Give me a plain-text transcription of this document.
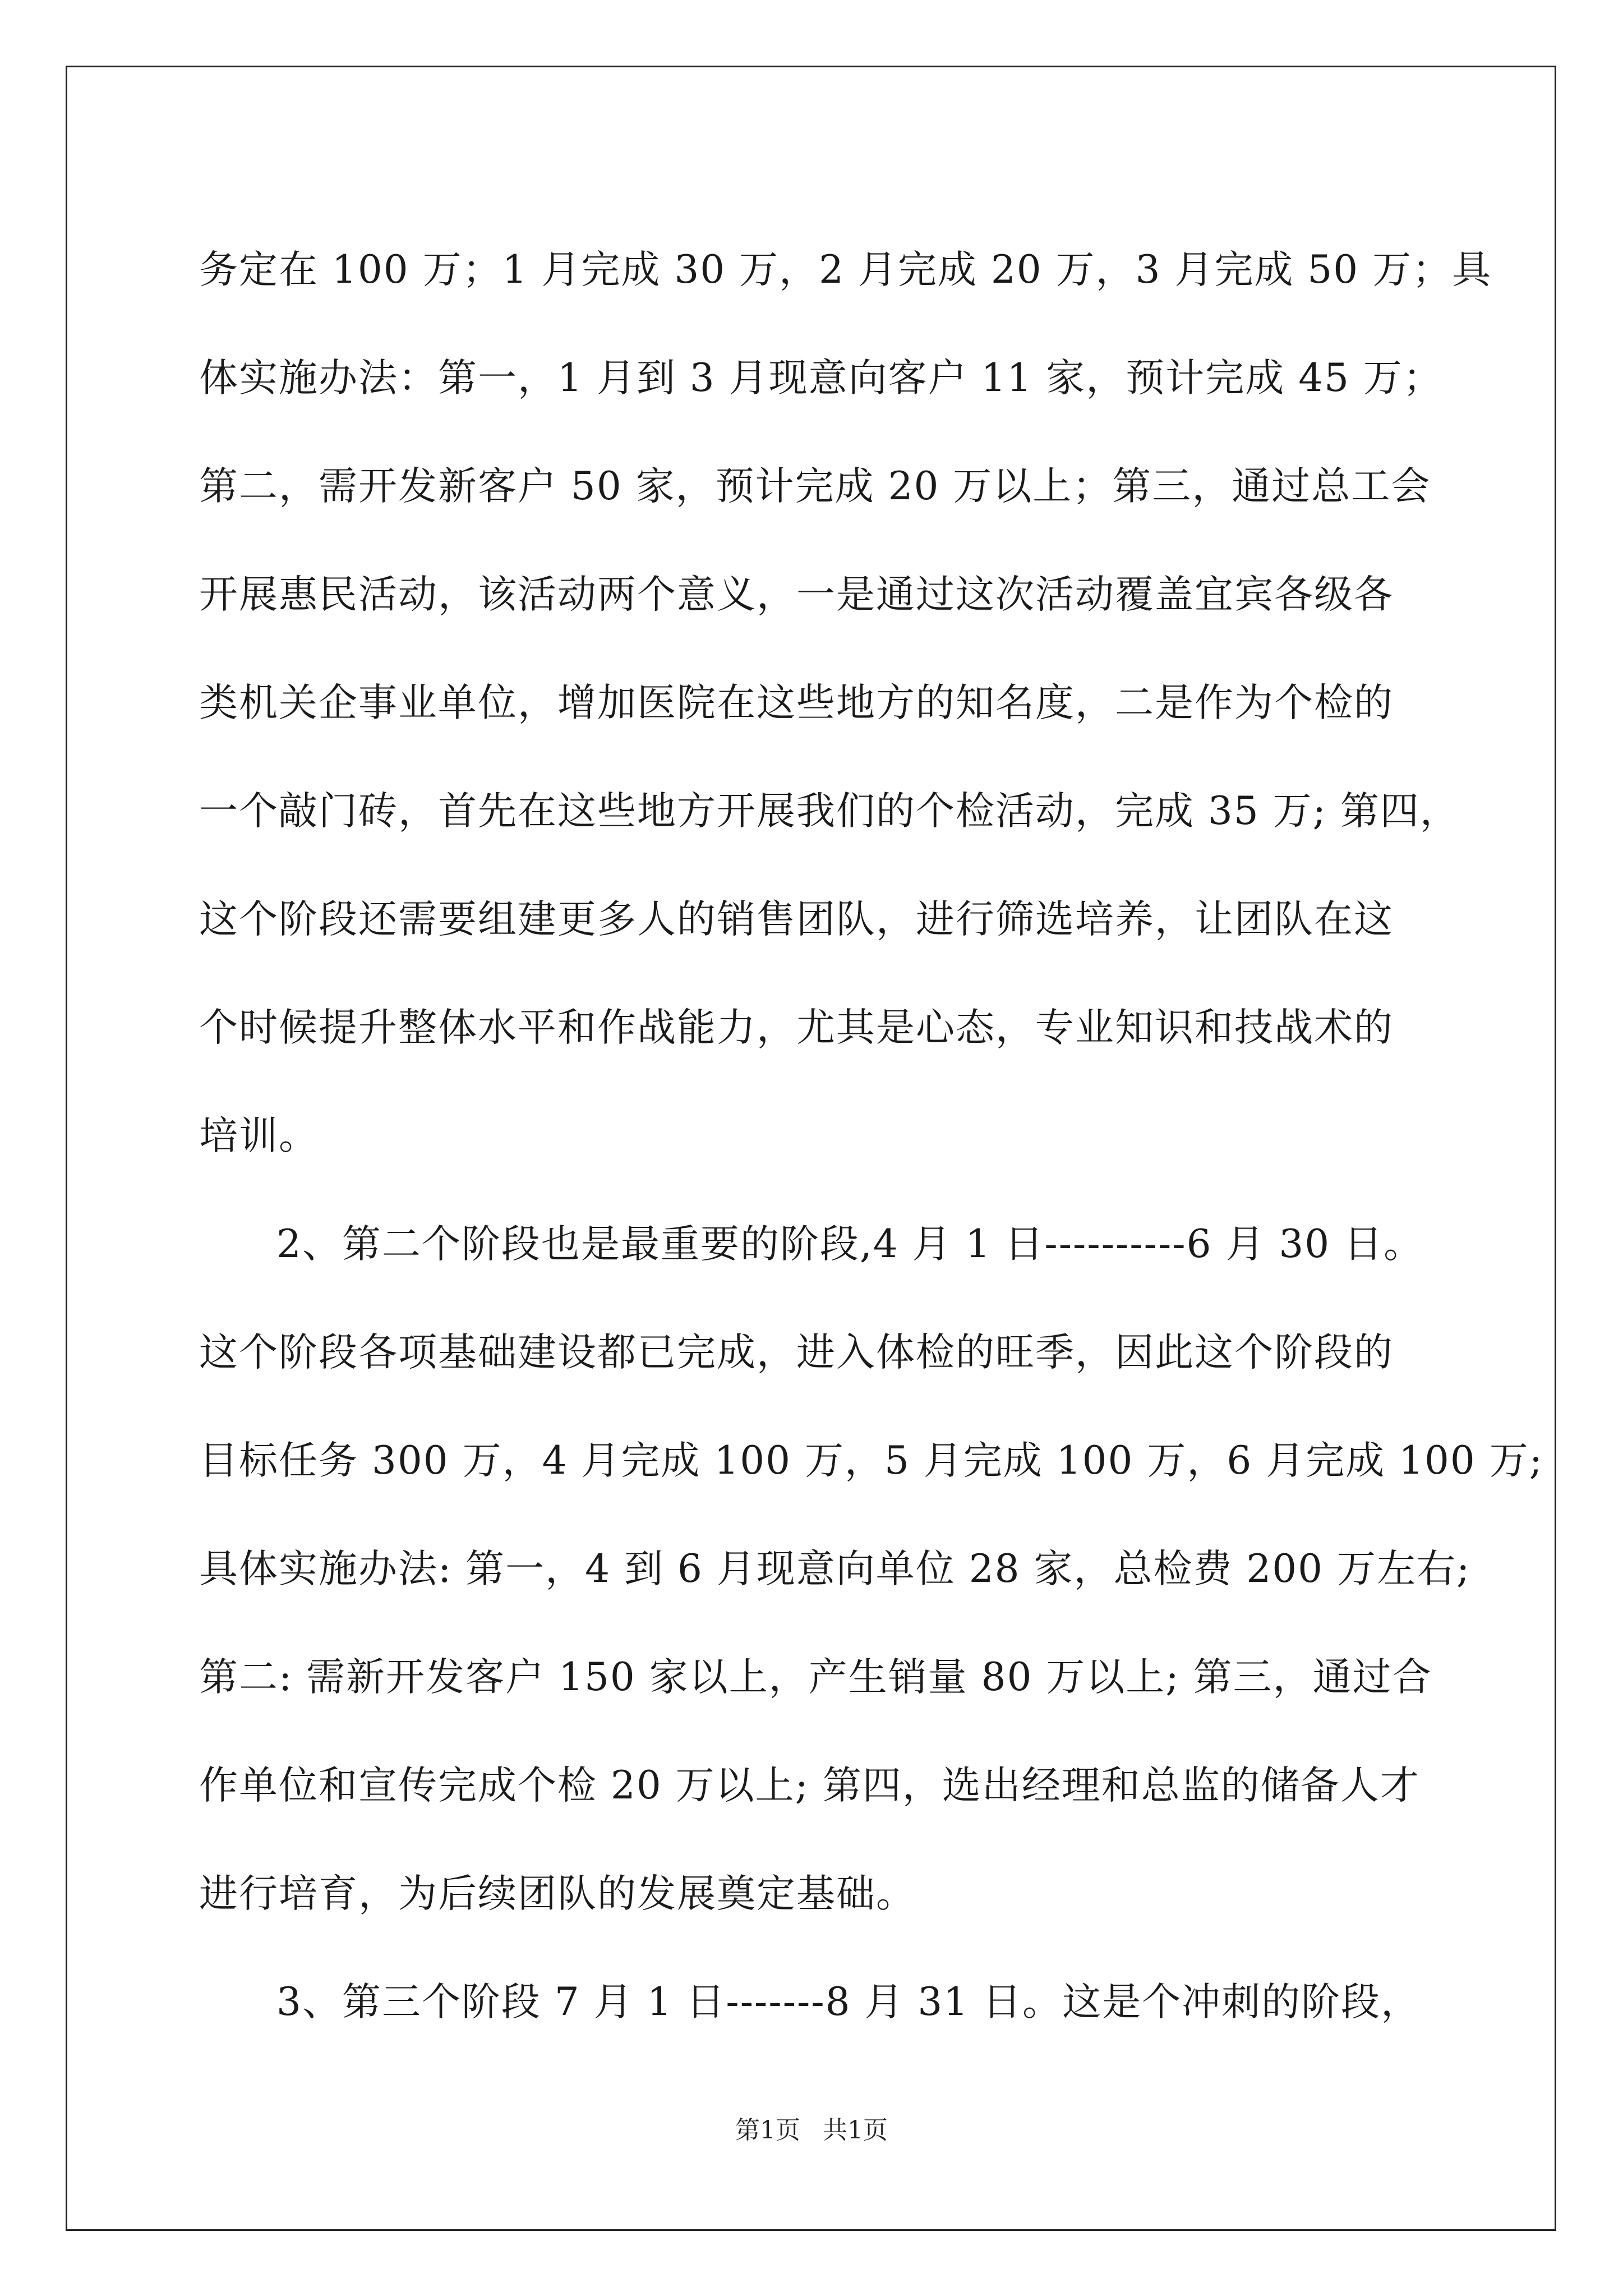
务定在 100 万；1 月完成 30 万，2 月完成 20 万，3 月完成 50 万；具
体实施办法：第一，1 月到 3 月现意向客户 11 家，预计完成 45 万；
第二，需开发新客户 50 家，预计完成 20 万以上；第三，通过总工会
开展惠民活动，该活动两个意义，一是通过这次活动覆盖宜宾各级各
类机关企事业单位，增加医院在这些地方的知名度，二是作为个检的
一个敲门砖，首先在这些地方开展我们的个检活动，完成 35 万; 第四，
这个阶段还需要组建更多人的销售团队，进行筛选培养，让团队在这
个时候提升整体水平和作战能力，尤其是心态，专业知识和技战术的
培训。
2、第二个阶段也是最重要的阶段,4 月 1 日----------6 月 30 日。
这个阶段各项基础建设都已完成，进入体检的旺季，因此这个阶段的
目标任务 300 万，4 月完成 100 万，5 月完成 100 万，6 月完成 100 万;
具体实施办法: 第一，4 到 6 月现意向单位 28 家，总检费 200 万左右;
第二: 需新开发客户 150 家以上，产生销量 80 万以上; 第三，通过合
作单位和宣传完成个检 20 万以上; 第四，选出经理和总监的储备人才
进行培育，为后续团队的发展奠定基础。
3、第三个阶段 7 月 1 日-------8 月 31 日。这是个冲刺的阶段，
第1页 共1页
